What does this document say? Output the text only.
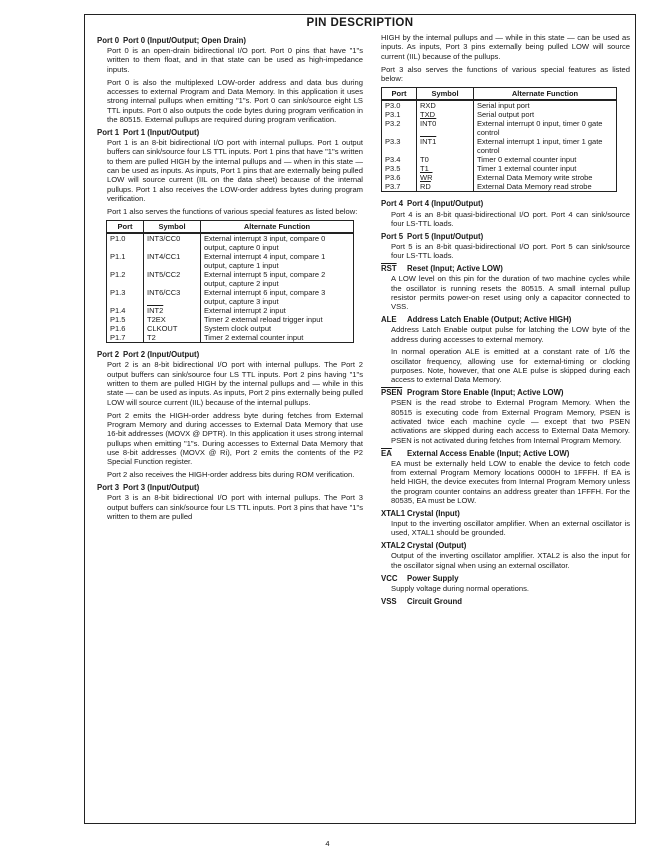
PIN DESCRIPTION
Port 0 Port 0 (Input/Output; Open Drain)

Port 0 is an open-drain bidirectional I/O port. Port 0 pins that have "1"s written to them float, and in that state can be used as high-impedance inputs.

Port 0 is also the multiplexed LOW-order address and data bus during accesses to external Program and Data Memory. In this application it uses strong internal pullups when emitting "1"s. Port 0 can sink/source eight LS TTL inputs. Port 0 also outputs the code bytes during program verification in the 80515. External pullups are required during program verification.

Port 1 Port 1 (Input/Output)

Port 1 is an 8-bit bidirectional I/O port with internal pullups. Port 1 output buffers can sink/source four LS TTL inputs. Port 1 pins that have "1"s written to them are pulled HIGH by the internal pullups and — when in this state — can be used as inputs. As inputs, Port 1 pins that are externally being pulled LOW will source current (IIL on the data sheet) because of the internal pullups. Port 1 also receives the LOW-order address bytes during program verification.

Port 1 also serves the functions of various special features as listed below:

Port	Symbol	Alternate Function
P1.0	INT3/CC0	External interrupt 3 input, compare 0 output, capture 0 input
P1.1	INT4/CC1	External interrupt 4 input, compare 1 output, capture 1 input
P1.2	INT5/CC2	External interrupt 5 input, compare 2 output, capture 2 input
P1.3	INT6/CC3	External interrupt 6 input, compare 3 output, capture 3 input
P1.4	INT2	External interrupt 2 input
P1.5	T2EX	Timer 2 external reload trigger input
P1.6	CLKOUT	System clock output
P1.7	T2	Timer 2 external counter input
Port 2 Port 2 (Input/Output)

Port 2 is an 8-bit bidirectional I/O port with internal pullups. The Port 2 output buffers can sink/source four LS TTL inputs. Port 2 pins having "1"s written to them are pulled HIGH by the internal pullups and — while in this state — can be used as inputs. As inputs, Port 2 pins externally being pulled LOW will source current (IIL) because of the internal pullups.

Port 2 emits the HIGH-order address byte during fetches from External Program Memory and during accesses to External Data Memory that use 16-bit addresses (MOVX @ DPTR). In this application it uses strong internal pullups when emitting "1"s. During accesses to External Data Memory that use 8-bit addresses (MOVX @ Ri), Port 2 emits the contents of the P2 Special Function register.

Port 2 also receives the HIGH-order address bits during ROM verification.

Port 3 Port 3 (Input/Output)

Port 3 is an 8-bit bidirectional I/O port with internal pullups. The Port 3 output buffers can sink/source four LS TTL inputs. Port 3 pins that have "1"s written to them are pulled

HIGH by the internal pullups and — while in this state — can be used as inputs. As inputs, Port 3 pins externally being pulled LOW will source current (IIL) because of the pullups.

Port 3 also serves the functions of various special features as listed below:

Port	Symbol	Alternate Function
P3.0	RXD	Serial input port
P3.1	TXD	Serial output port
P3.2	INT0	External interrupt 0 input, timer 0 gate control
P3.3	INT1	External interrupt 1 input, timer 1 gate control
P3.4	T0	Timer 0 external counter input
P3.5	T1	Timer 1 external counter input
P3.6	$\overline{WR}$	External Data Memory write strobe
P3.7	$\overline{RD}$	External Data Memory read strobe
Port 4 Port 4 (Input/Output)

Port 4 is an 8-bit quasi-bidirectional I/O port. Port 4 can sink/source four LS-TTL loads.

Port 5 Port 5 (Input/Output)

Port 5 is an 8-bit quasi-bidirectional I/O port. Port 5 can sink/source four LS-TTL loads.

RST Reset (Input; Active LOW)

A LOW level on this pin for the duration of two machine cycles while the oscillator is running resets the 80515. A small internal pullup resistor permits power-on reset using only a capacitor connected to VSS.

ALE Address Latch Enable (Output; Active HIGH)

Address Latch Enable output pulse for latching the LOW byte of the address during accesses to external memory.

In normal operation ALE is emitted at a constant rate of 1/6 the oscillator frequency, allowing use for external-timing or clocking purposes. Note, however, that one ALE pulse is skipped during each access to external Data Memory.

PSEN Program Store Enable (Input; Active LOW)

PSEN is the read strobe to External Program Memory. When the 80515 is executing code from External Program Memory, PSEN is activated twice each machine cycle — except that two PSEN activations are skipped during each access to External Data Memory. PSEN is not activated during fetches from Internal Program Memory.

EA External Access Enable (Input; Active LOW)

EA must be externally held LOW to enable the device to fetch code from external Program Memory locations 0000H to 1FFFH. If EA is held HIGH, the device executes from Internal Program Memory unless the program counter contains an address greater than 1FFFH. For the 80535, EA must be LOW.

XTAL1 Crystal (Input)

Input to the inverting oscillator amplifier. When an external oscillator is used, XTAL1 should be grounded.

XTAL2 Crystal (Output)

Output of the inverting oscillator amplifier. XTAL2 is also the input for the oscillator signal when using an external oscillator.

VCC Power Supply

Supply voltage during normal operations.

VSS Circuit Ground
4
